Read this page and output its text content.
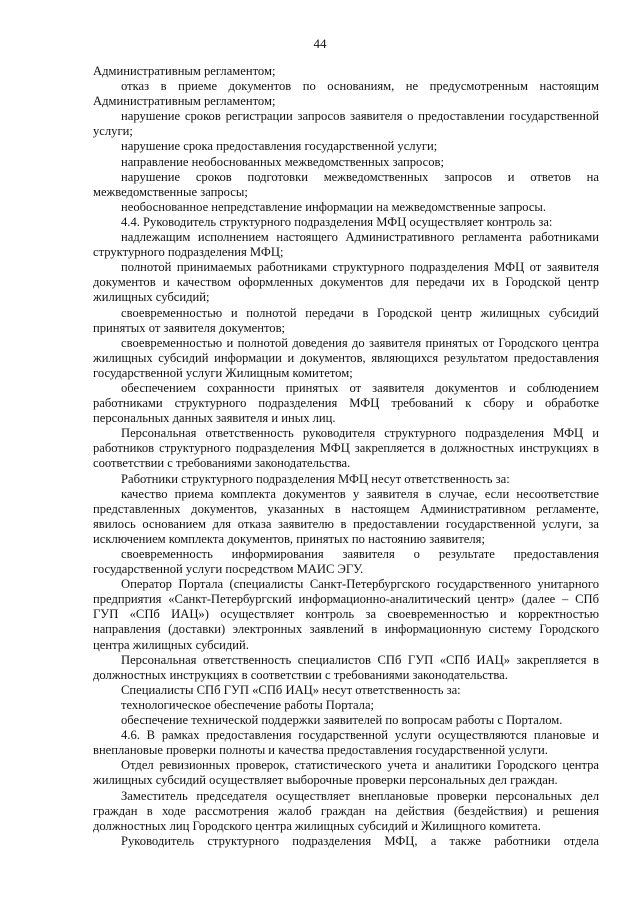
44

Административным регламентом;

отказ в приеме документов по основаниям, не предусмотренным настоящим Административным регламентом;

нарушение сроков регистрации запросов заявителя о предоставлении государственной услуги;

нарушение срока предоставления государственной услуги;

направление необоснованных межведомственных запросов;

нарушение сроков подготовки межведомственных запросов и ответов на межведомственные запросы;

необоснованное непредставление информации на межведомственные запросы.

4.4. Руководитель структурного подразделения МФЦ осуществляет контроль за:

надлежащим исполнением настоящего Административного регламента работниками структурного подразделения МФЦ;

полнотой принимаемых работниками структурного подразделения МФЦ от заявителя документов и качеством оформленных документов для передачи их в Городской центр жилищных субсидий;

своевременностью и полнотой передачи в Городской центр жилищных субсидий принятых от заявителя документов;

своевременностью и полнотой доведения до заявителя принятых от Городского центра жилищных субсидий информации и документов, являющихся результатом предоставления государственной услуги Жилищным комитетом;

обеспечением сохранности принятых от заявителя документов и соблюдением работниками структурного подразделения МФЦ требований к сбору и обработке персональных данных заявителя и иных лиц.

Персональная ответственность руководителя структурного подразделения МФЦ и работников структурного подразделения МФЦ закрепляется в должностных инструкциях в соответствии с требованиями законодательства.

Работники структурного подразделения МФЦ несут ответственность за:

качество приема комплекта документов у заявителя в случае, если несоответствие представленных документов, указанных в настоящем Административном регламенте, явилось основанием для отказа заявителю в предоставлении государственной услуги, за исключением комплекта документов, принятых по настоянию заявителя;

своевременность информирования заявителя о результате предоставления государственной услуги посредством МАИС ЭГУ.

Оператор Портала (специалисты Санкт-Петербургского государственного унитарного предприятия «Санкт-Петербургский информационно-аналитический центр» (далее – СПб ГУП «СПб ИАЦ») осуществляет контроль за своевременностью и корректностью направления (доставки) электронных заявлений в информационную систему Городского центра жилищных субсидий.

Персональная ответственность специалистов СПб ГУП «СПб ИАЦ» закрепляется в должностных инструкциях в соответствии с требованиями законодательства.

Специалисты СПб ГУП «СПб ИАЦ» несут ответственность за:

технологическое обеспечение работы Портала;

обеспечение технической поддержки заявителей по вопросам работы с Порталом.

4.6. В рамках предоставления государственной услуги осуществляются плановые и внеплановые проверки полноты и качества предоставления государственной услуги.

Отдел ревизионных проверок, статистического учета и аналитики Городского центра жилищных субсидий осуществляет выборочные проверки персональных дел граждан.

Заместитель председателя осуществляет внеплановые проверки персональных дел граждан в ходе рассмотрения жалоб граждан на действия (бездействия) и решения должностных лиц Городского центра жилищных субсидий и Жилищного комитета.

Руководитель структурного подразделения МФЦ, а также работники отдела
